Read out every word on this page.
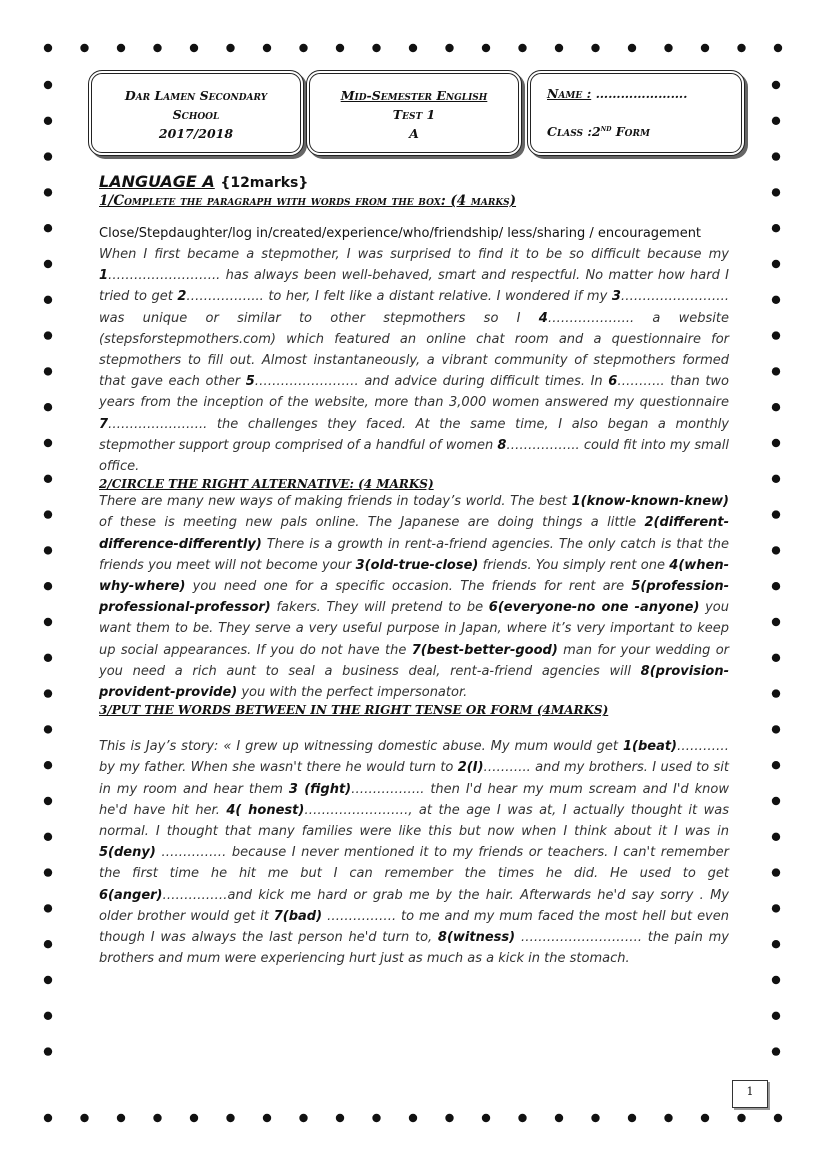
Dar Lamen Secondary
School
2017/2018
Mid-Semester English
Test 1
A
Name : ………………….
Class :2nd Form
LANGUAGE A {12marks}
1/Complete the paragraph with words from the box: (4 marks)
Close/Stepdaughter/log in/created/experience/who/friendship/ less/sharing / encouragement
When I first became a stepmother, I was surprised to find it to be so difficult because my 1…………………….. has always been well-behaved, smart and respectful. No matter how hard I tried to get 2……………... to her, I felt like a distant relative. I wondered if my 3……………………. was unique or similar to other stepmothers so I 4……………….. a website (stepsforstepmothers.com) which featured an online chat room and a questionnaire for stepmothers to fill out. Almost instantaneously, a vibrant community of stepmothers formed that gave each other 5…………………… and advice during difficult times. In 6……….. than two years from the inception of the website, more than 3,000 women answered my questionnaire 7………………….. the challenges they faced. At the same time, I also began a monthly stepmother support group comprised of a handful of women 8…………….. could fit into my small office.
2/CIRCLE THE RIGHT ALTERNATIVE: (4 MARKS)
There are many new ways of making friends in today’s world. The best 1(know-known-knew) of these is meeting new pals online. The Japanese are doing things a little 2(different-difference-differently) There is a growth in rent-a-friend agencies. The only catch is that the friends you meet will not become your 3(old-true-close) friends. You simply rent one 4(when-why-where) you need one for a specific occasion. The friends for rent are 5(profession-professional-professor) fakers. They will pretend to be 6(everyone-no one -anyone) you want them to be. They serve a very useful purpose in Japan, where it’s very important to keep up social appearances. If you do not have the 7(best-better-good) man for your wedding or you need a rich aunt to seal a business deal, rent-a-friend agencies will 8(provision-provident-provide) you with the perfect impersonator.
3/PUT THE WORDS BETWEEN IN THE RIGHT TENSE OR FORM (4MARKS)
This is Jay’s story: « I grew up witnessing domestic abuse. My mum would get 1(beat)………… by my father. When she wasn't there he would turn to 2(I)……….. and my brothers. I used to sit in my room and hear them 3 (fight)…………….. then I'd hear my mum scream and I'd know he'd have hit her. 4( honest)……………………, at the age I was at, I actually thought it was normal. I thought that many families were like this but now when I think about it I was in 5(deny) …………… because I never mentioned it to my friends or teachers. I can't remember the first time he hit me but I can remember the times he did. He used to get 6(anger)……………and kick me hard or grab me by the hair. Afterwards he'd say sorry . My older brother would get it 7(bad) ……………. to me and my mum faced the most hell but even though I was always the last person he'd turn to, 8(witness) ………………………. the pain my brothers and mum were experiencing hurt just as much as a kick in the stomach.
1
